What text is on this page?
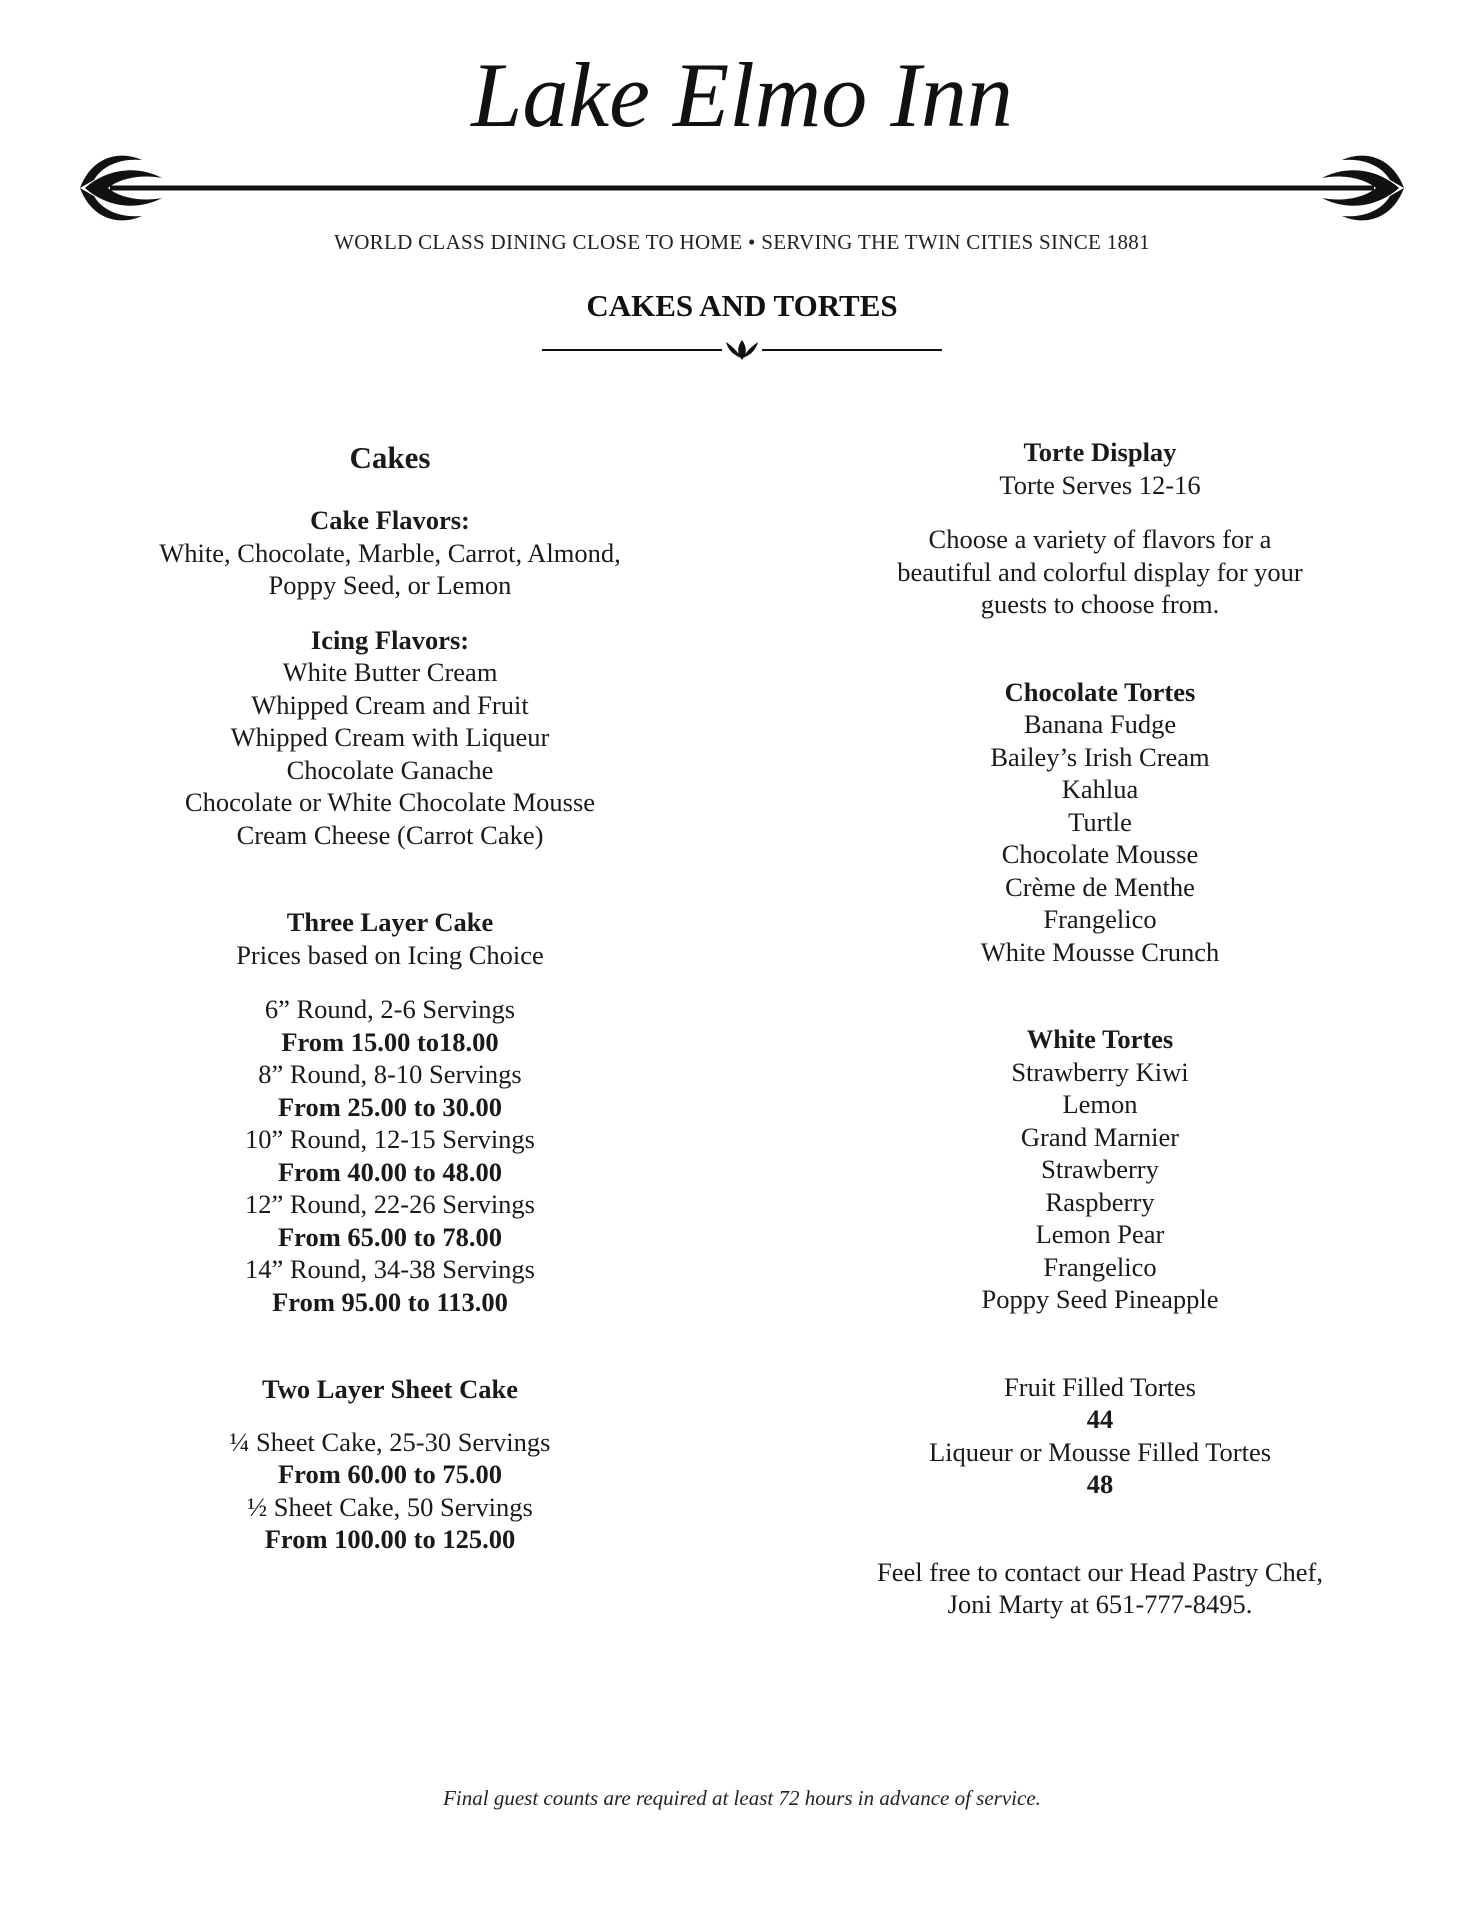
Lake Elmo Inn
WORLD CLASS DINING CLOSE TO HOME • SERVING THE TWIN CITIES SINCE 1881
CAKES AND TORTES
Cakes
Cake Flavors:
White, Chocolate, Marble, Carrot, Almond,
Poppy Seed, or Lemon
Icing Flavors:
White Butter Cream
Whipped Cream and Fruit
Whipped Cream with Liqueur
Chocolate Ganache
Chocolate or White Chocolate Mousse
Cream Cheese (Carrot Cake)
Three Layer Cake
Prices based on Icing Choice
6” Round, 2-6 Servings
From 15.00 to18.00
8” Round, 8-10 Servings
From 25.00 to 30.00
10” Round, 12-15 Servings
From 40.00 to 48.00
12” Round, 22-26 Servings
From 65.00 to 78.00
14” Round, 34-38 Servings
From 95.00 to 113.00
Two Layer Sheet Cake
¼ Sheet Cake, 25-30 Servings
From 60.00 to 75.00
½ Sheet Cake, 50 Servings
From 100.00 to 125.00
Torte Display
Torte Serves 12-16
Choose a variety of flavors for a
beautiful and colorful display for your
guests to choose from.
Chocolate Tortes
Banana Fudge
Bailey’s Irish Cream
Kahlua
Turtle
Chocolate Mousse
Crème de Menthe
Frangelico
White Mousse Crunch
White Tortes
Strawberry Kiwi
Lemon
Grand Marnier
Strawberry
Raspberry
Lemon Pear
Frangelico
Poppy Seed Pineapple
Fruit Filled Tortes
44
Liqueur or Mousse Filled Tortes
48
Feel free to contact our Head Pastry Chef,
Joni Marty at 651-777-8495.
Final guest counts are required at least 72 hours in advance of service.
